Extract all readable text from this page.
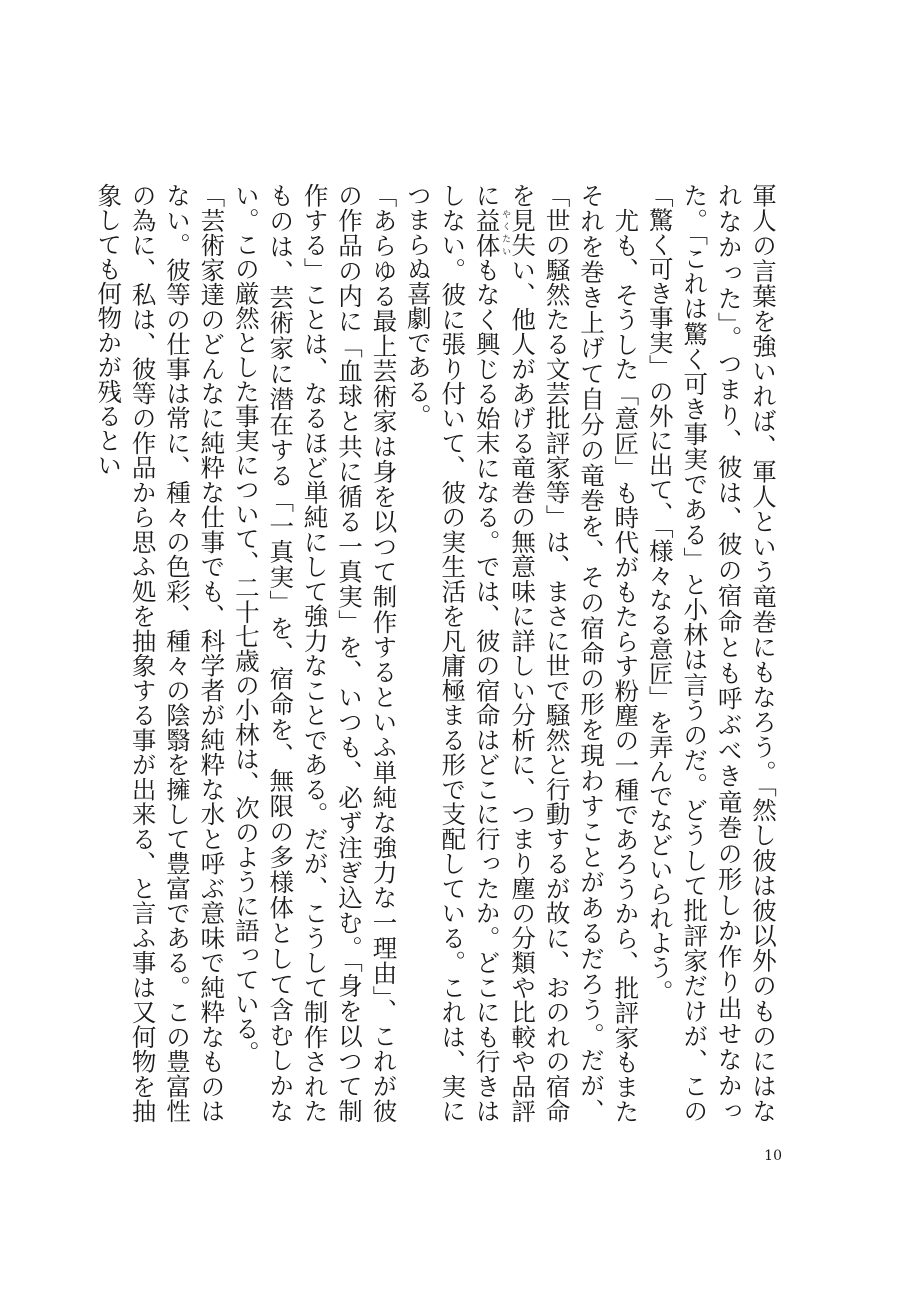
軍人の言葉を強いれば、軍人という竜巻にもなろう。「然し彼は彼以外のものにはなれなかった」。つまり、彼は、彼の宿命とも呼ぶべき竜巻の形しか作り出せなかった。「これは驚く可き事実である」と小林は言うのだ。どうして批評家だけが、この「驚く可き事実」の外に出て、「様々なる意匠」を弄んでなどいられよう。

尤も、そうした「意匠」も時代がもたらす粉塵の一種であろうから、批評家もまたそれを巻き上げて自分の竜巻を、その宿命の形を現わすことがあるだろう。だが、「世の騒然たる文芸批評家等」は、まさに世で騒然と行動するが故に、おのれの宿命を見失い、他人があげる竜巻の無意味に詳しい分析に、つまり塵の分類や比較や品評に益体やくたいもなく興じる始末になる。では、彼の宿命はどこに行ったか。どこにも行きはしない。彼に張り付いて、彼の実生活を凡庸極まる形で支配している。これは、実につまらぬ喜劇である。

「あらゆる最上芸術家は身を以つて制作するといふ単純な強力な一理由」、これが彼の作品の内に「血球と共に循る一真実」を、いつも、必ず注ぎ込む。「身を以つて制作する」ことは、なるほど単純にして強力なことである。だが、こうして制作されたものは、芸術家に潜在する「一真実」を、宿命を、無限の多様体として含むしかない。この厳然とした事実について、二十七歳の小林は、次のように語っている。

「芸術家達のどんなに純粋な仕事でも、科学者が純粋な水と呼ぶ意味で純粋なものはない。彼等の仕事は常に、種々の色彩、種々の陰翳を擁して豊富である。この豊富性の為に、私は、彼等の作品から思ふ処を抽象する事が出来る、と言ふ事は又何物を抽象しても何物かが残るとい

10
